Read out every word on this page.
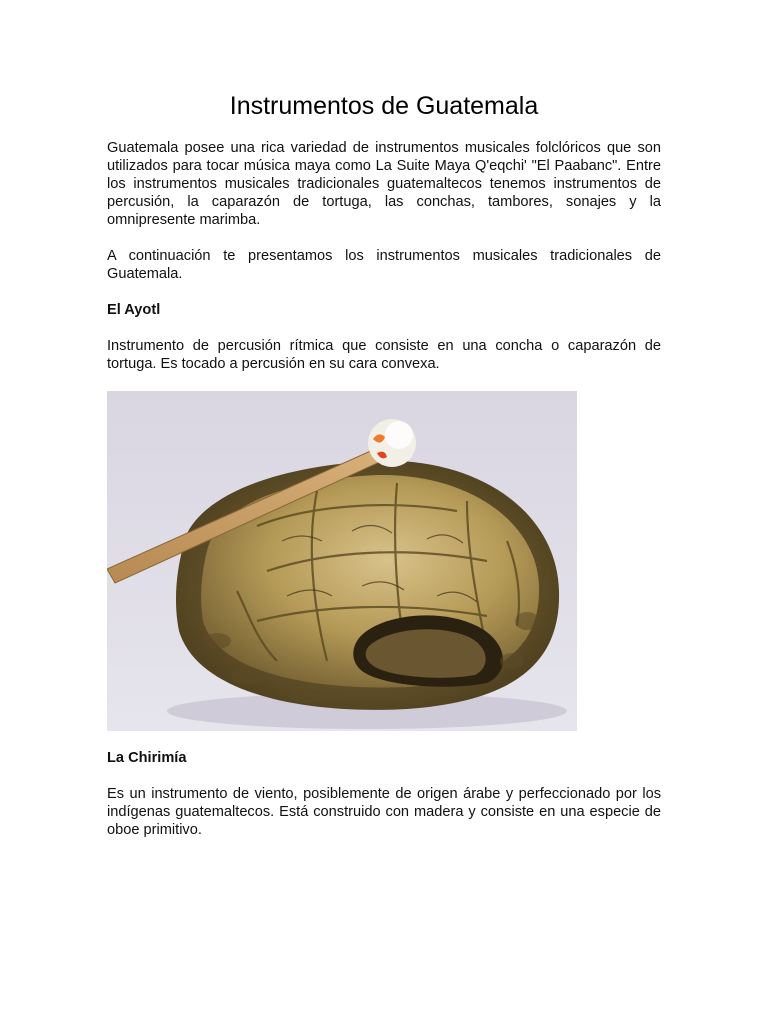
Instrumentos de Guatemala

Guatemala posee una rica variedad de instrumentos musicales folclóricos que son utilizados para tocar música maya como La Suite Maya Q'eqchi' "El Paabanc". Entre los instrumentos musicales tradicionales guatemaltecos tenemos instrumentos de percusión, la caparazón de tortuga, las conchas, tambores, sonajes y la omnipresente marimba.

A continuación te presentamos los instrumentos musicales tradicionales de Guatemala.

El Ayotl

Instrumento de percusión rítmica que consiste en una concha o caparazón de tortuga. Es tocado a percusión en su cara convexa.

La Chirimía

Es un instrumento de viento, posiblemente de origen árabe y perfeccionado por los indígenas guatemaltecos. Está construido con madera y consiste en una especie de oboe primitivo.
